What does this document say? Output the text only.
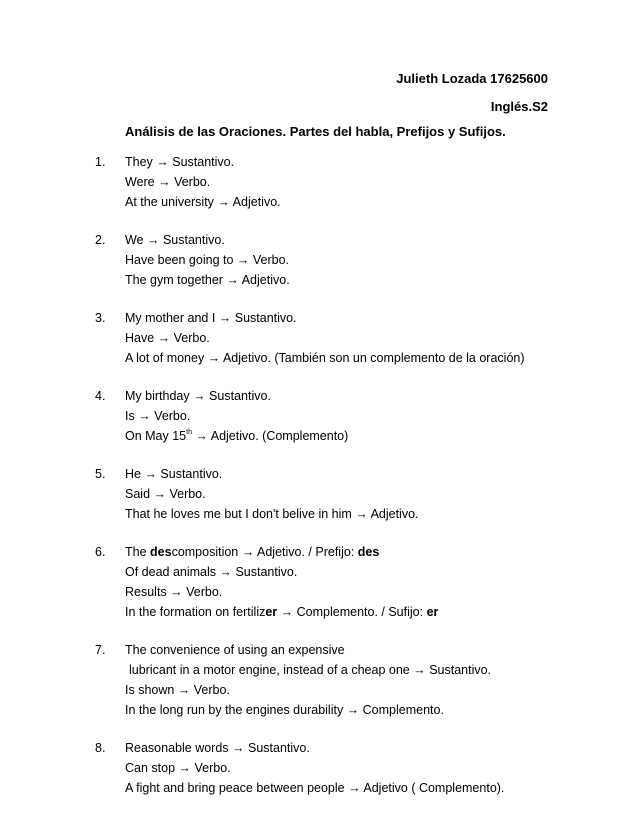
Julieth Lozada 17625600
Inglés.S2
Análisis de las Oraciones. Partes del habla, Prefijos y Sufijos.
1. They → Sustantivo.
Were → Verbo.
At the university → Adjetivo.
2. We → Sustantivo.
Have been going to → Verbo.
The gym together → Adjetivo.
3. My mother and I → Sustantivo.
Have → Verbo.
A lot of money → Adjetivo. (También son un complemento de la oración)
4. My birthday → Sustantivo.
Is → Verbo.
On May 15th → Adjetivo. (Complemento)
5. He → Sustantivo.
Said → Verbo.
That he loves me but I don't belive in him → Adjetivo.
6. The descomposition → Adjetivo. / Prefijo: des
Of dead animals → Sustantivo.
Results → Verbo.
In the formation on fertilizer → Complemento. / Sufijo: er
7. The convenience of using an expensive
lubricant in a motor engine, instead of a cheap one → Sustantivo.
Is shown → Verbo.
In the long run by the engines durability → Complemento.
8. Reasonable words → Sustantivo.
Can stop → Verbo.
A fight and bring peace between people → Adjetivo ( Complemento).
